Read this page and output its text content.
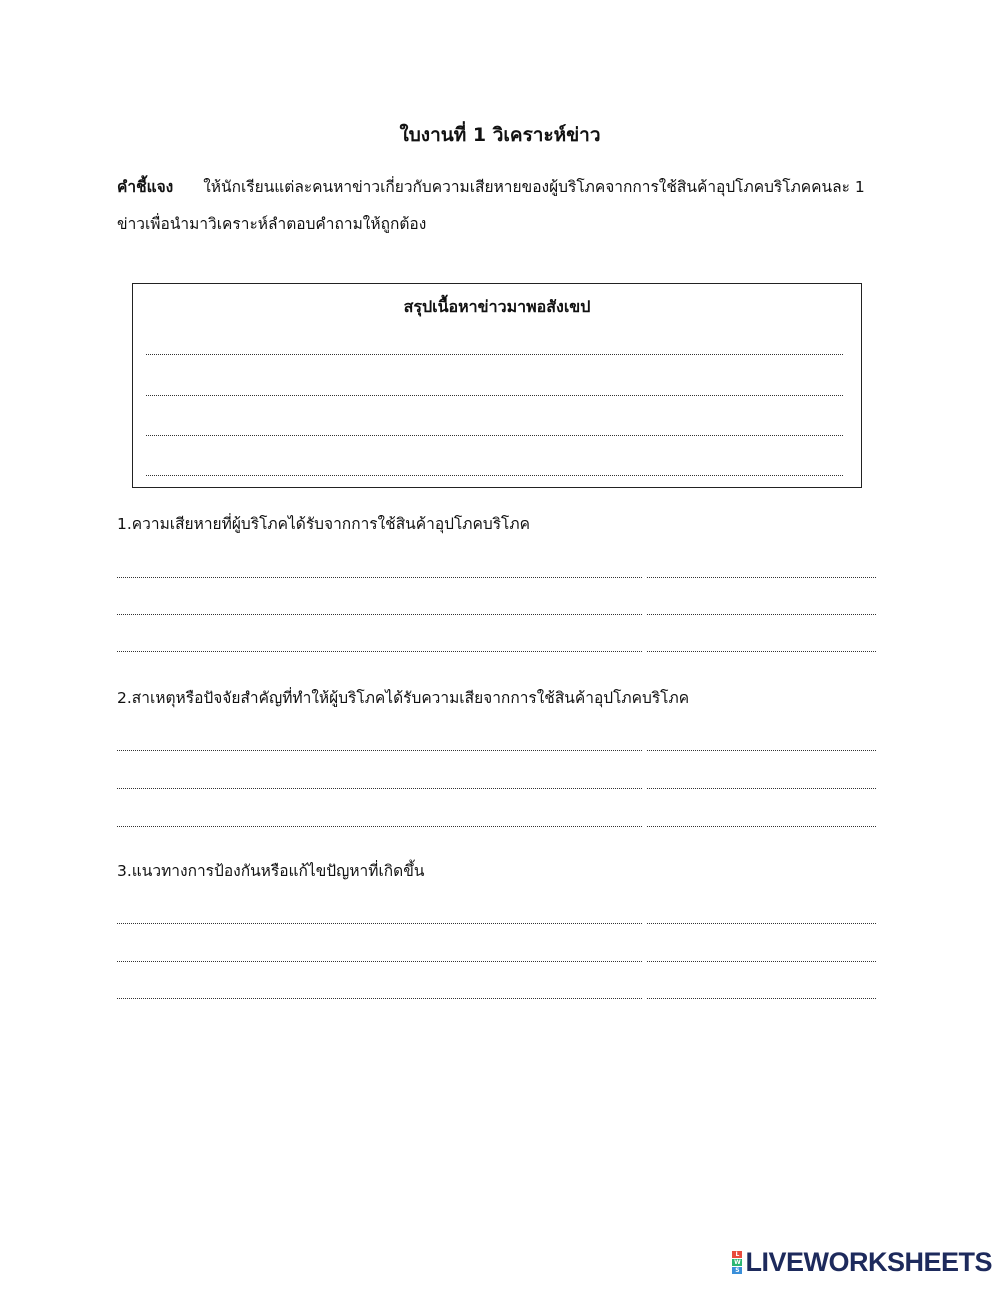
ใบงานที่ 1 วิเคราะห์ข่าว
คำชี้แจง ให้นักเรียนแต่ละคนหาข่าวเกี่ยวกับความเสียหายของผู้บริโภคจากการใช้สินค้าอุปโภคบริโภคคนละ 1
ข่าวเพื่อนำมาวิเคราะห์ลำตอบคำถามให้ถูกต้อง
สรุปเนื้อหาข่าวมาพอสังเขป
1.ความเสียหายที่ผู้บริโภคได้รับจากการใช้สินค้าอุปโภคบริโภค
2.สาเหตุหรือปัจจัยสำคัญที่ทำให้ผู้บริโภคได้รับความเสียจากการใช้สินค้าอุปโภคบริโภค
3.แนวทางการป้องกันหรือแก้ไขปัญหาที่เกิดขึ้น
L
W
S LIVEWORKSHEETS
